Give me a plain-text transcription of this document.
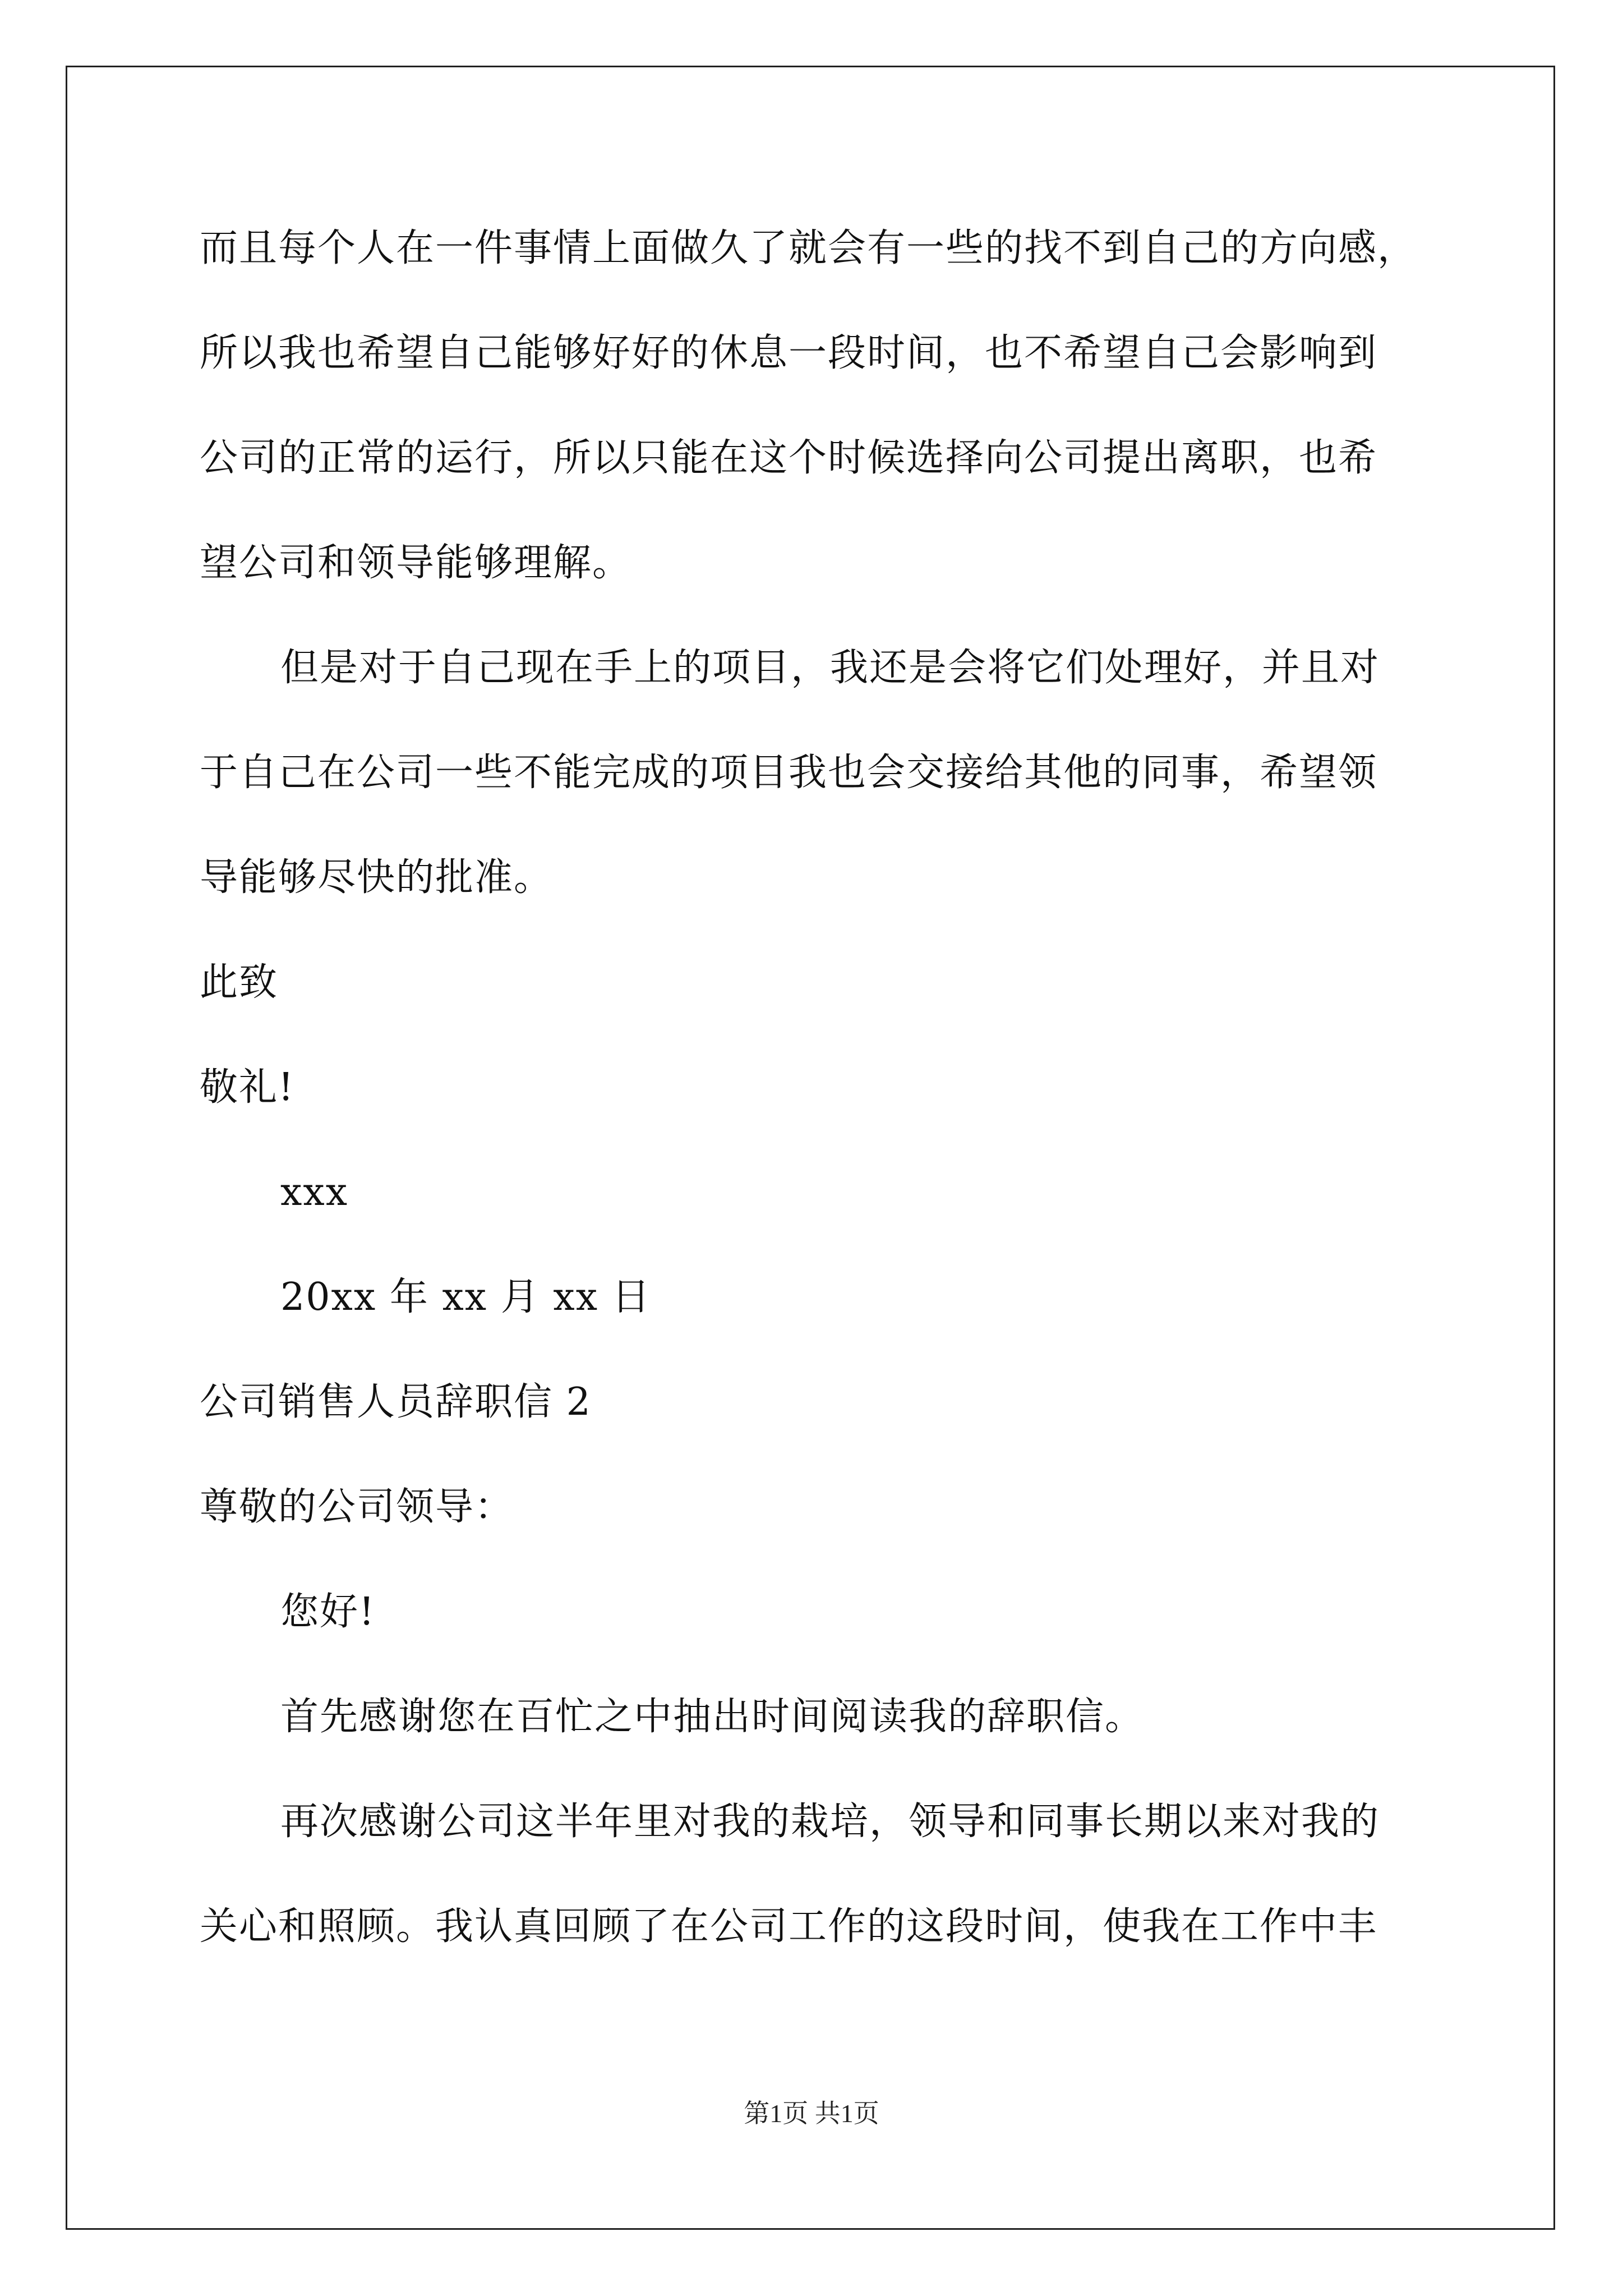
而且每个人在一件事情上面做久了就会有一些的找不到自己的方向感，
所以我也希望自己能够好好的休息一段时间，也不希望自己会影响到
公司的正常的运行，所以只能在这个时候选择向公司提出离职，也希
望公司和领导能够理解。
但是对于自己现在手上的项目，我还是会将它们处理好，并且对
于自己在公司一些不能完成的项目我也会交接给其他的同事，希望领
导能够尽快的批准。
此致
敬礼!
xxx
20xx 年 xx 月 xx 日
公司销售人员辞职信 2
尊敬的公司领导：
您好!
首先感谢您在百忙之中抽出时间阅读我的辞职信。
再次感谢公司这半年里对我的栽培，领导和同事长期以来对我的
关心和照顾。我认真回顾了在公司工作的这段时间，使我在工作中丰
第1页 共1页
